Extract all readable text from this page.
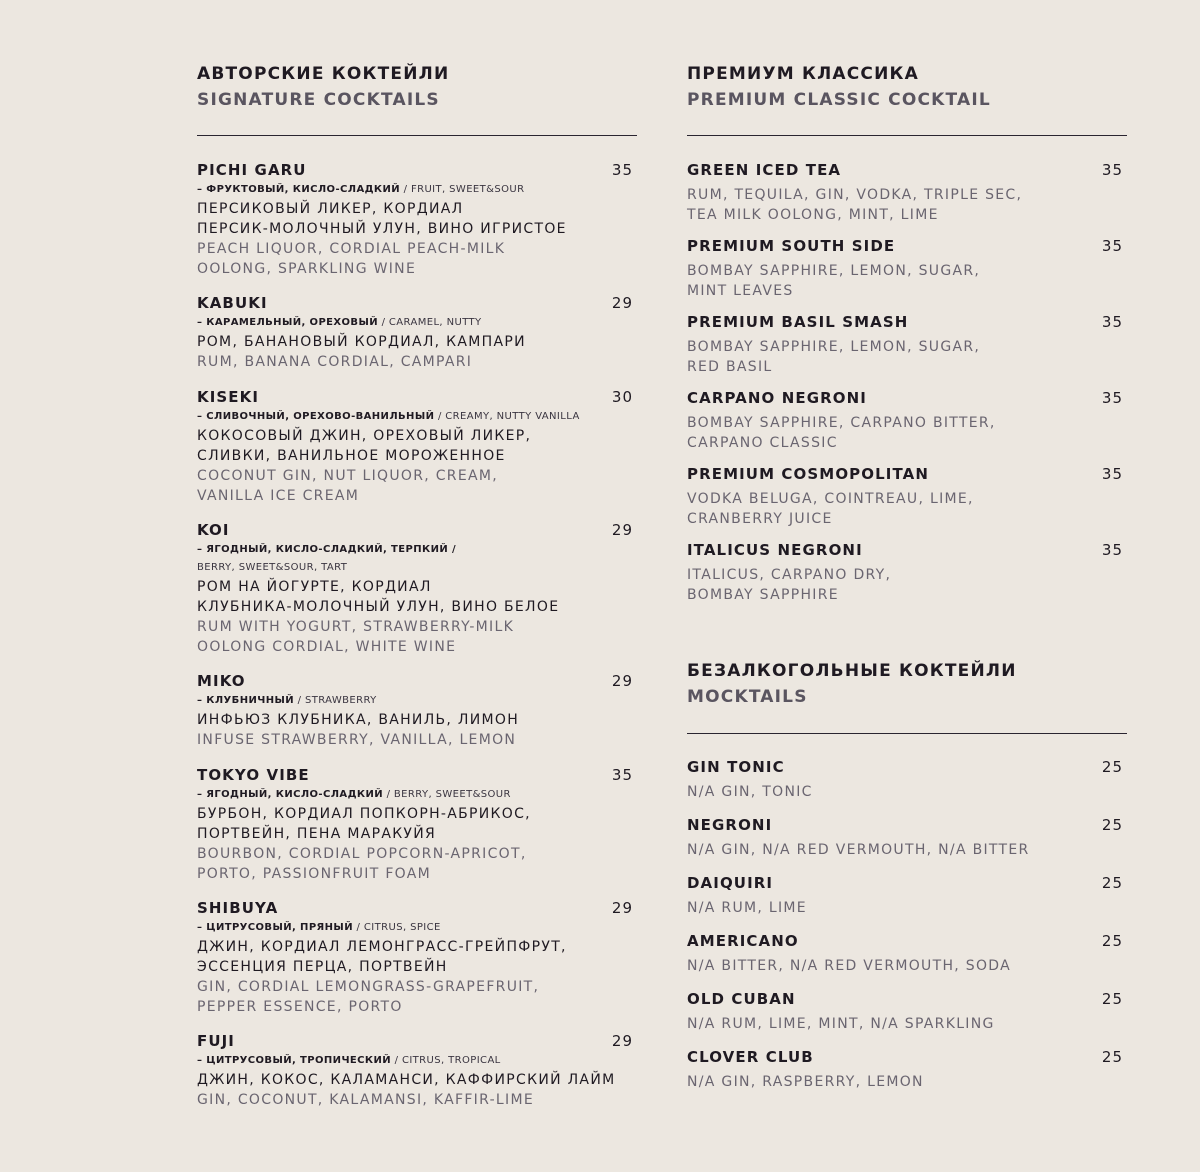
АВТОРСКИЕ КОКТЕЙЛИ
SIGNATURE COCKTAILS
PICHI GARU	35
– ФРУКТОВЫЙ, КИСЛО-СЛАДКИЙ / FRUIT, SWEET&SOUR
ПЕРСИКОВЫЙ ЛИКЕР, КОРДИАЛ
ПЕРСИК-МОЛОЧНЫЙ УЛУН, ВИНО ИГРИСТОЕ
PEACH LIQUOR, CORDIAL PEACH-MILK
OOLONG, SPARKLING WINE
KABUKI	29
– КАРАМЕЛЬНЫЙ, ОРЕХОВЫЙ / CARAMEL, NUTTY
РОМ, БАНАНОВЫЙ КОРДИАЛ, КАМПАРИ
RUM, BANANA CORDIAL, CAMPARI
KISEKI	30
– СЛИВОЧНЫЙ, ОРЕХОВО-ВАНИЛЬНЫЙ / CREAMY, NUTTY VANILLA
КОКОСОВЫЙ ДЖИН, ОРЕХОВЫЙ ЛИКЕР,
СЛИВКИ, ВАНИЛЬНОЕ МОРОЖЕННОЕ
COCONUT GIN, NUT LIQUOR, CREAM,
VANILLA ICE CREAM
KOI	29
– ЯГОДНЫЙ, КИСЛО-СЛАДКИЙ, ТЕРПКИЙ /
BERRY, SWEET&SOUR, TART
РОМ НА ЙОГУРТЕ, КОРДИАЛ
КЛУБНИКА-МОЛОЧНЫЙ УЛУН, ВИНО БЕЛОЕ
RUM WITH YOGURT, STRAWBERRY-MILK
OOLONG CORDIAL, WHITE WINE
MIKO	29
– КЛУБНИЧНЫЙ / STRAWBERRY
ИНФЬЮЗ КЛУБНИКА, ВАНИЛЬ, ЛИМОН
INFUSE STRAWBERRY, VANILLA, LEMON
TOKYO VIBE	35
– ЯГОДНЫЙ, КИСЛО-СЛАДКИЙ / BERRY, SWEET&SOUR
БУРБОН, КОРДИАЛ ПОПКОРН-АБРИКОС,
ПОРТВЕЙН, ПЕНА МАРАКУЙЯ
BOURBON, CORDIAL POPCORN-APRICOT,
PORTO, PASSIONFRUIT FOAM
SHIBUYA	29
– ЦИТРУСОВЫЙ, ПРЯНЫЙ / CITRUS, SPICE
ДЖИН, КОРДИАЛ ЛЕМОНГРАСС-ГРЕЙПФРУТ,
ЭССЕНЦИЯ ПЕРЦА, ПОРТВЕЙН
GIN, CORDIAL LEMONGRASS-GRAPEFRUIT,
PEPPER ESSENCE, PORTO
FUJI	29
– ЦИТРУСОВЫЙ, ТРОПИЧЕСКИЙ / CITRUS, TROPICAL
ДЖИН, КОКОС, КАЛАМАНСИ, КАФФИРСКИЙ ЛАЙМ
GIN, COCONUT, KALAMANSI, KAFFIR-LIME
ПРЕМИУМ КЛАССИКА
PREMIUM CLASSIC COCKTAIL
GREEN ICED TEA	35
RUM, TEQUILA, GIN, VODKA, TRIPLE SEC,
TEA MILK OOLONG, MINT, LIME
PREMIUM SOUTH SIDE	35
BOMBAY SAPPHIRE, LEMON, SUGAR,
MINT LEAVES
PREMIUM BASIL SMASH	35
BOMBAY SAPPHIRE, LEMON, SUGAR,
RED BASIL
CARPANO NEGRONI	35
BOMBAY SAPPHIRE, CARPANO BITTER,
CARPANO CLASSIC
PREMIUM COSMOPOLITAN	35
VODKA BELUGA, COINTREAU, LIME,
CRANBERRY JUICE
ITALICUS NEGRONI	35
ITALICUS, CARPANO DRY,
BOMBAY SAPPHIRE
БЕЗАЛКОГОЛЬНЫЕ КОКТЕЙЛИ
MOCKTAILS
GIN TONIC	25
N/A GIN, TONIC
NEGRONI	25
N/A GIN, N/A RED VERMOUTH, N/A BITTER
DAIQUIRI	25
N/A RUM, LIME
AMERICANO	25
N/A BITTER, N/A RED VERMOUTH, SODA
OLD CUBAN	25
N/A RUM, LIME, MINT, N/A SPARKLING
CLOVER CLUB	25
N/A GIN, RASPBERRY, LEMON
